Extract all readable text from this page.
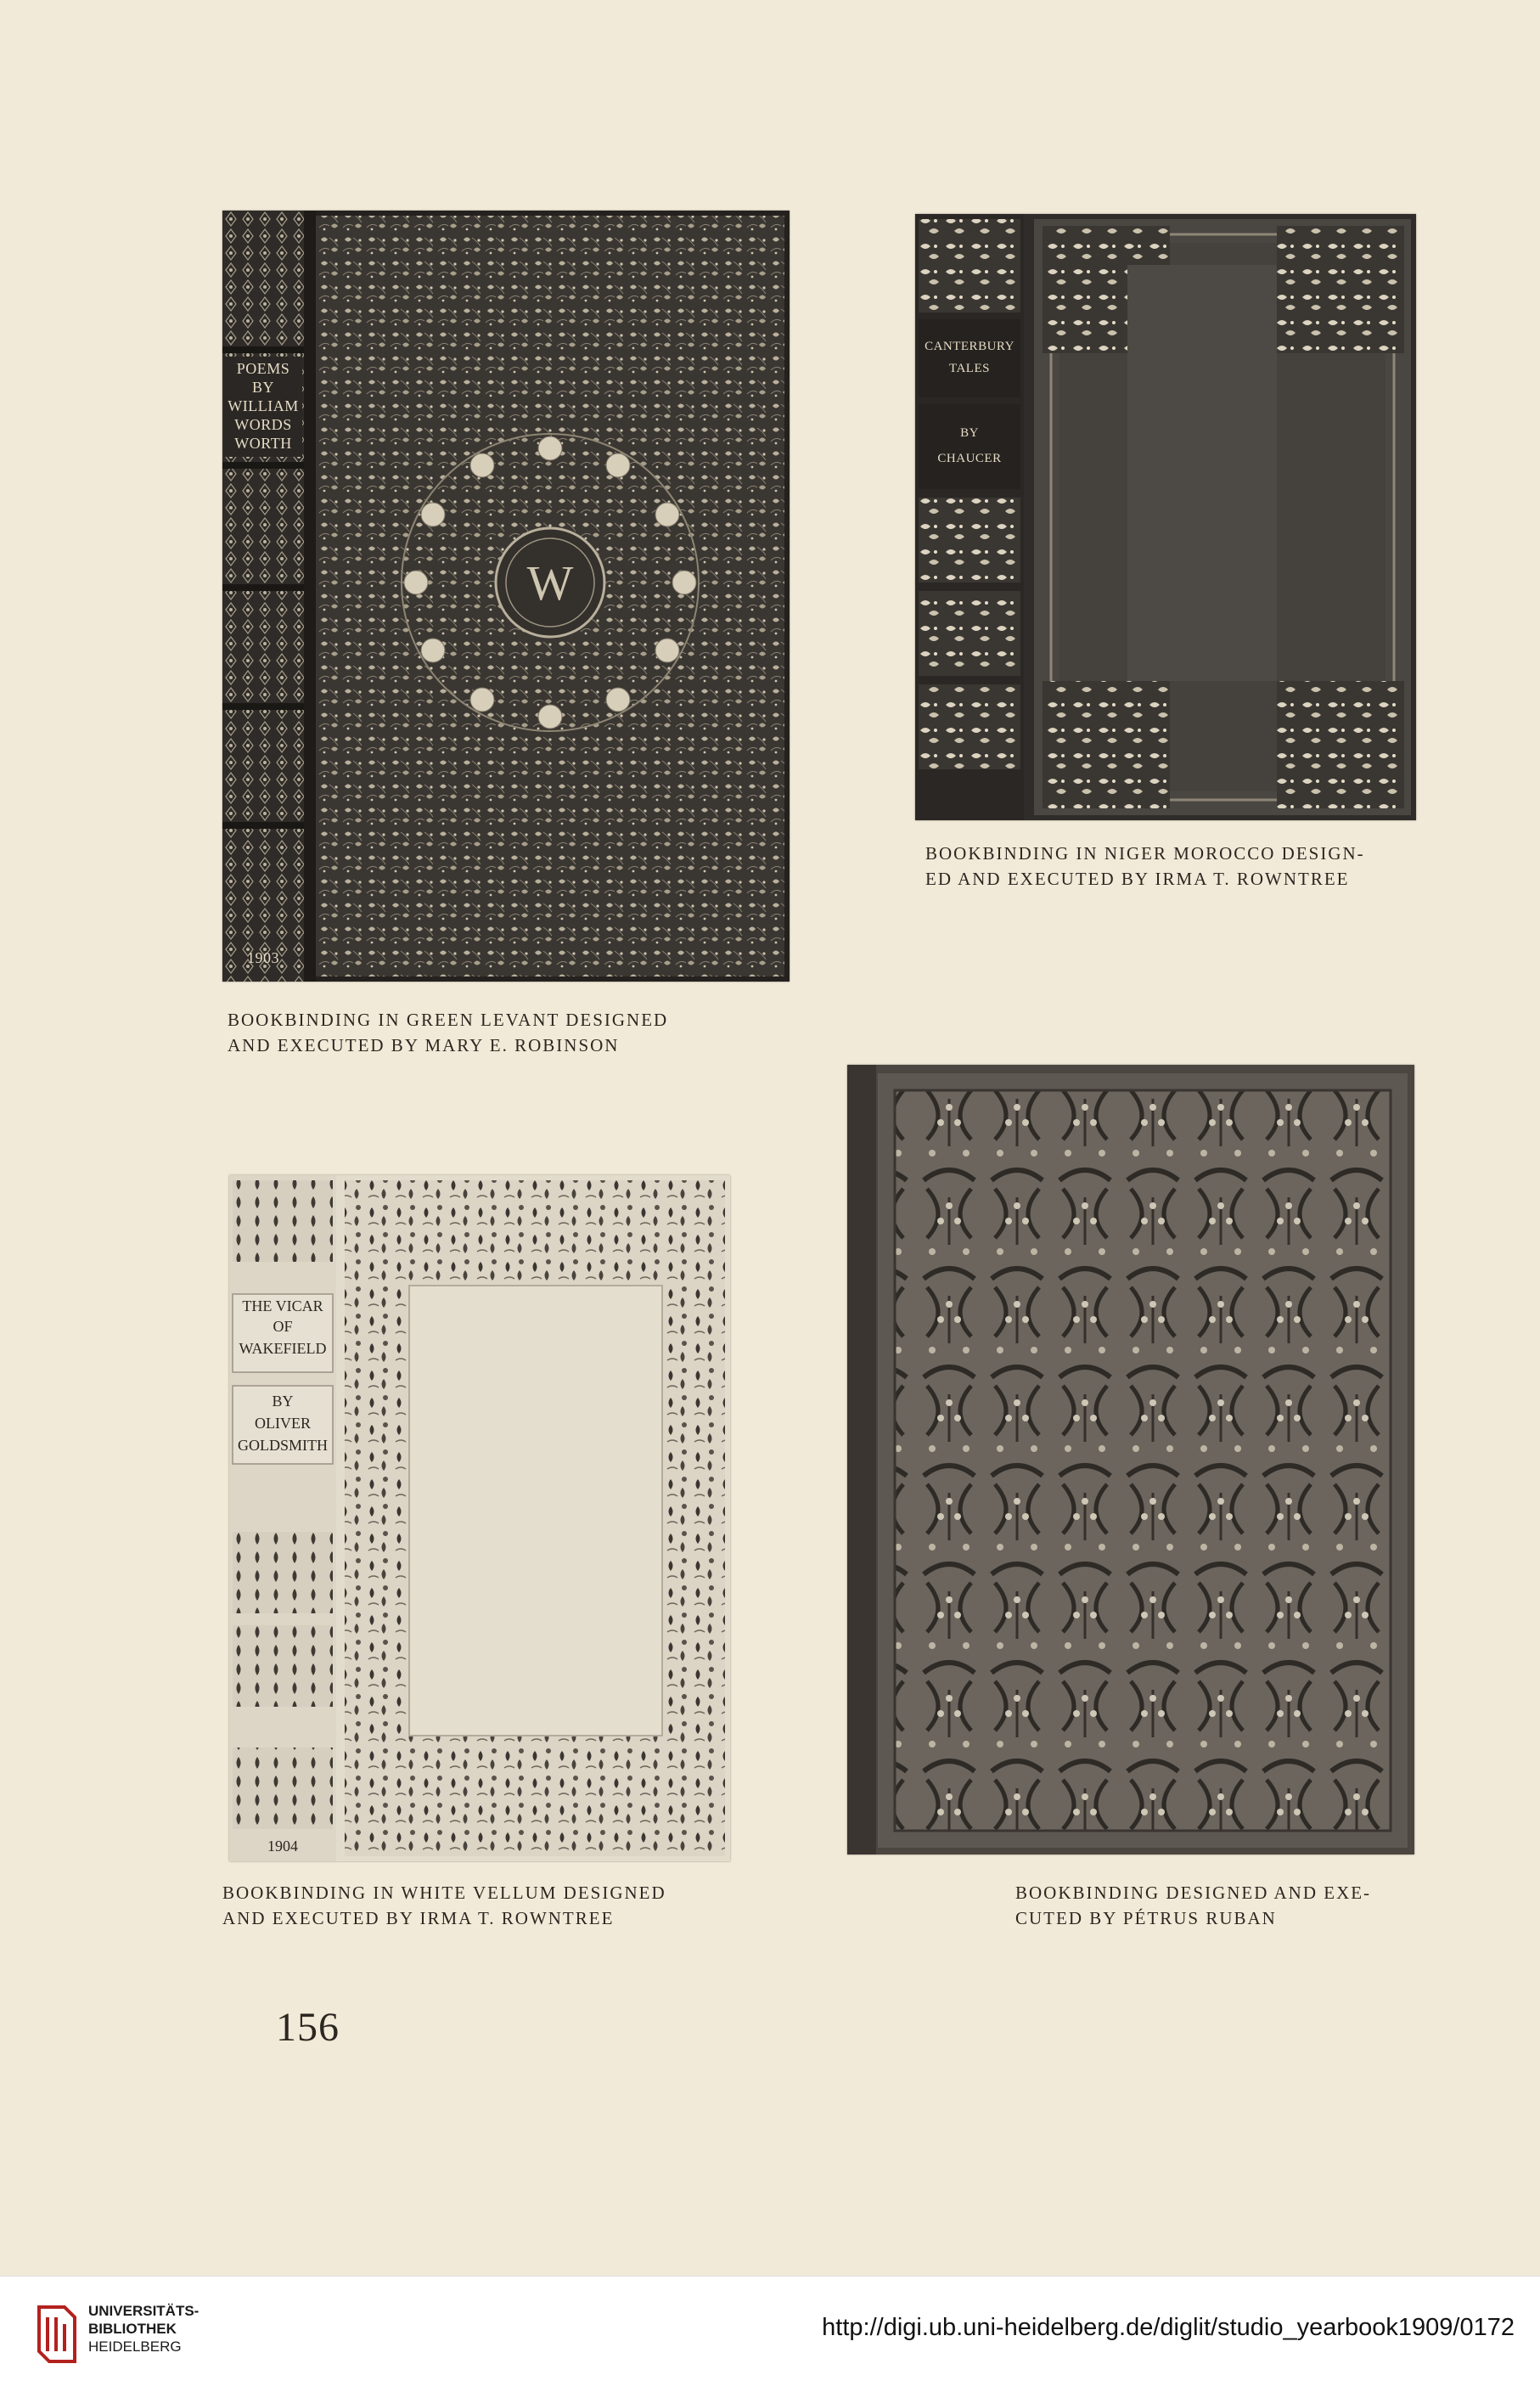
POEMS
BY
WILLIAM
WORDS
WORTH
1903
W
BOOKBINDING IN GREEN LEVANT DESIGNED
AND EXECUTED BY MARY E. ROBINSON
CANTERBURY
TALES
BY
CHAUCER
BOOKBINDING IN NIGER MOROCCO DESIGN-
ED AND EXECUTED BY IRMA T. ROWNTREE
THE VICAR
OF
WAKEFIELD
BY
OLIVER
GOLDSMITH
1904
BOOKBINDING IN WHITE VELLUM DESIGNED
AND EXECUTED BY IRMA T. ROWNTREE
BOOKBINDING DESIGNED AND EXE-
CUTED BY PÉTRUS RUBAN
156
UNIVERSITÄTS-
BIBLIOTHEK
HEIDELBERG
http://digi.ub.uni-heidelberg.de/diglit/studio_yearbook1909/0172
